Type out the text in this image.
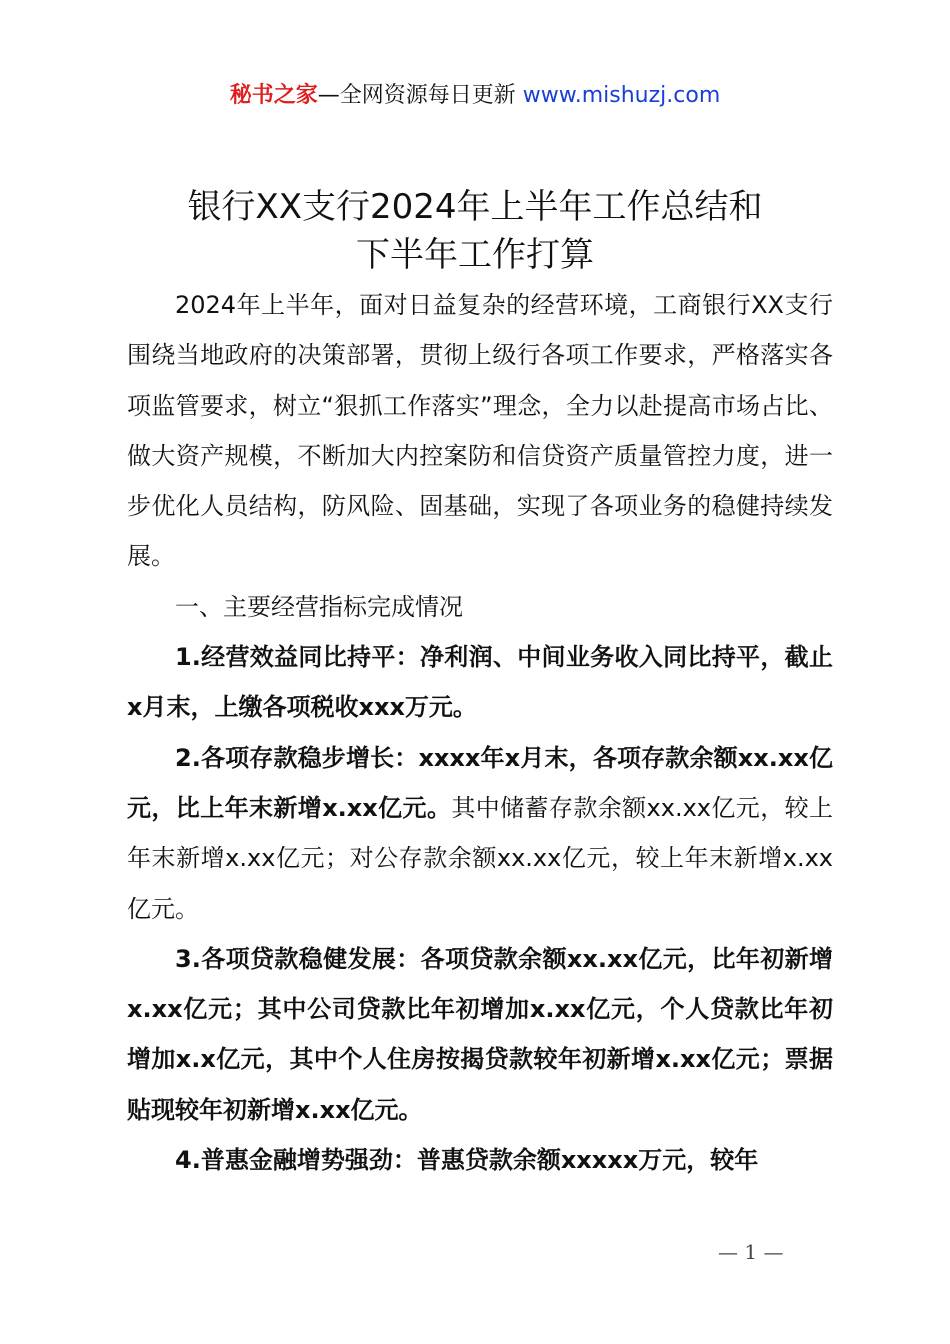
秘书之家—全网资源每日更新 www.mishuzj.com
银行XX支行2024年上半年工作总结和
下半年工作打算

2024年上半年，面对日益复杂的经营环境，工商银行XX支行围绕当地政府的决策部署，贯彻上级行各项工作要求，严格落实各项监管要求，树立“狠抓工作落实”理念，全力以赴提高市场占比、做大资产规模，不断加大内控案防和信贷资产质量管控力度，进一步优化人员结构，防风险、固基础，实现了各项业务的稳健持续发展。

一、主要经营指标完成情况

1.经营效益同比持平：净利润、中间业务收入同比持平，截止x月末，上缴各项税收xxx万元。

2.各项存款稳步增长：xxxx年x月末，各项存款余额xx.xx亿元，比上年末新增x.xx亿元。其中储蓄存款余额xx.xx亿元，较上年末新增x.xx亿元；对公存款余额xx.xx亿元，较上年末新增x.xx亿元。

3.各项贷款稳健发展：各项贷款余额xx.xx亿元，比年初新增x.xx亿元；其中公司贷款比年初增加x.xx亿元，个人贷款比年初增加x.x亿元，其中个人住房按揭贷款较年初新增x.xx亿元；票据贴现较年初新增x.xx亿元。

4.普惠金融增势强劲：普惠贷款余额xxxxx万元，较年

— 1 —
